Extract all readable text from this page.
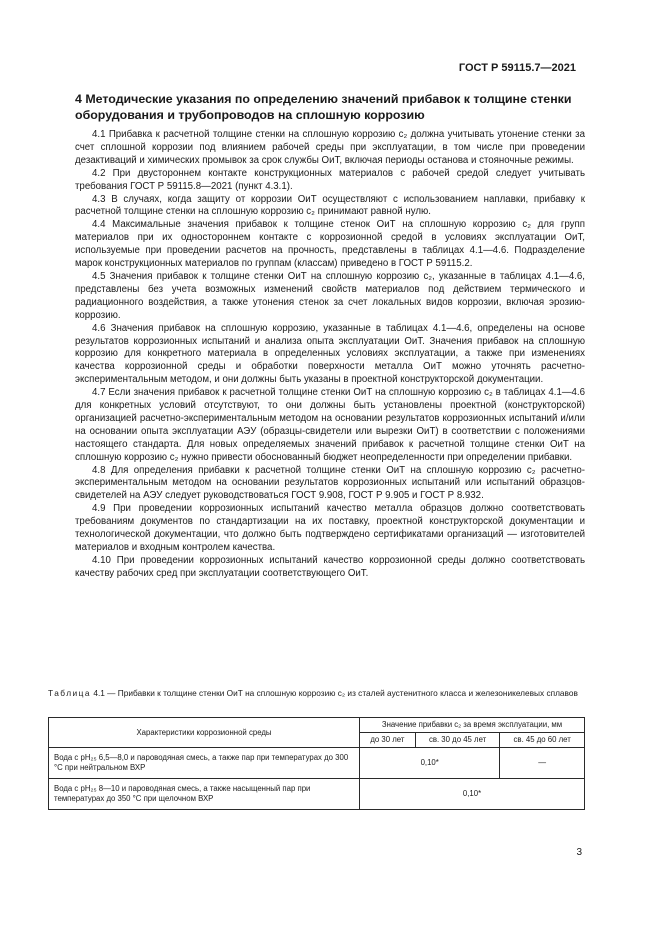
ГОСТ Р 59115.7—2021
4 Методические указания по определению значений прибавок к толщине стенки оборудования и трубопроводов на сплошную коррозию

4.1 Прибавка к расчетной толщине стенки на сплошную коррозию c₂ должна учитывать утонение стенки за счет сплошной коррозии под влиянием рабочей среды при эксплуатации, в том числе при проведении дезактиваций и химических промывок за срок службы ОиТ, включая периоды останова и стояночные режимы.

4.2 При двустороннем контакте конструкционных материалов с рабочей средой следует учитывать требования ГОСТ Р 59115.8—2021 (пункт 4.3.1).

4.3 В случаях, когда защиту от коррозии ОиТ осуществляют с использованием наплавки, прибавку к расчетной толщине стенки на сплошную коррозию c₂ принимают равной нулю.

4.4 Максимальные значения прибавок к толщине стенок ОиТ на сплошную коррозию c₂ для групп материалов при их одностороннем контакте с коррозионной средой в условиях эксплуатации ОиТ, используемые при проведении расчетов на прочность, представлены в таблицах 4.1—4.6. Подразделение марок конструкционных материалов по группам (классам) приведено в ГОСТ Р 59115.2.

4.5 Значения прибавок к толщине стенки ОиТ на сплошную коррозию c₂, указанные в таблицах 4.1—4.6, представлены без учета возможных изменений свойств материалов под действием термического и радиационного воздействия, а также утонения стенок за счет локальных видов коррозии, включая эрозию-коррозию.

4.6 Значения прибавок на сплошную коррозию, указанные в таблицах 4.1—4.6, определены на основе результатов коррозионных испытаний и анализа опыта эксплуатации ОиТ. Значения прибавок на сплошную коррозию для конкретного материала в определенных условиях эксплуатации, а также при изменениях качества коррозионной среды и обработки поверхности металла ОиТ можно уточнять расчетно-экспериментальным методом, и они должны быть указаны в проектной конструкторской документации.

4.7 Если значения прибавок к расчетной толщине стенки ОиТ на сплошную коррозию c₂ в таблицах 4.1—4.6 для конкретных условий отсутствуют, то они должны быть установлены проектной (конструкторской) организацией расчетно-экспериментальным методом на основании результатов коррозионных испытаний и/или на основании опыта эксплуатации АЭУ (образцы-свидетели или вырезки ОиТ) в соответствии с положениями настоящего стандарта. Для новых определяемых значений прибавок к расчетной толщине стенки ОиТ на сплошную коррозию c₂ нужно привести обоснованный бюджет неопределенности при определении прибавки.

4.8 Для определения прибавки к расчетной толщине стенки ОиТ на сплошную коррозию c₂ расчетно-экспериментальным методом на основании результатов коррозионных испытаний или испытаний образцов-свидетелей на АЭУ следует руководствоваться ГОСТ 9.908, ГОСТ Р 9.905 и ГОСТ Р 8.932.

4.9 При проведении коррозионных испытаний качество металла образцов должно соответствовать требованиям документов по стандартизации на их поставку, проектной конструкторской документации и технологической документации, что должно быть подтверждено сертификатами организаций — изготовителей материалов и входным контролем качества.

4.10 При проведении коррозионных испытаний качество коррозионной среды должно соответствовать качеству рабочих сред при эксплуатации соответствующего ОиТ.

Таблица 4.1 — Прибавки к толщине стенки ОиТ на сплошную коррозию c₂ из сталей аустенитного класса и железоникелевых сплавов
Характеристики коррозионной среды	Значение прибавки c₂ за время эксплуатации, мм		
	до 30 лет	св. 30 до 45 лет	св. 45 до 60 лет
Вода с pH₂₅ 6,5—8,0 и пароводяная смесь, а также пар при температурах до 300 °С при нейтральном ВХР	0,10*		—
Вода с pH₂₅ 8—10 и пароводяная смесь, а также насыщенный пар при температурах до 350 °С при щелочном ВХР	0,10*		
3
